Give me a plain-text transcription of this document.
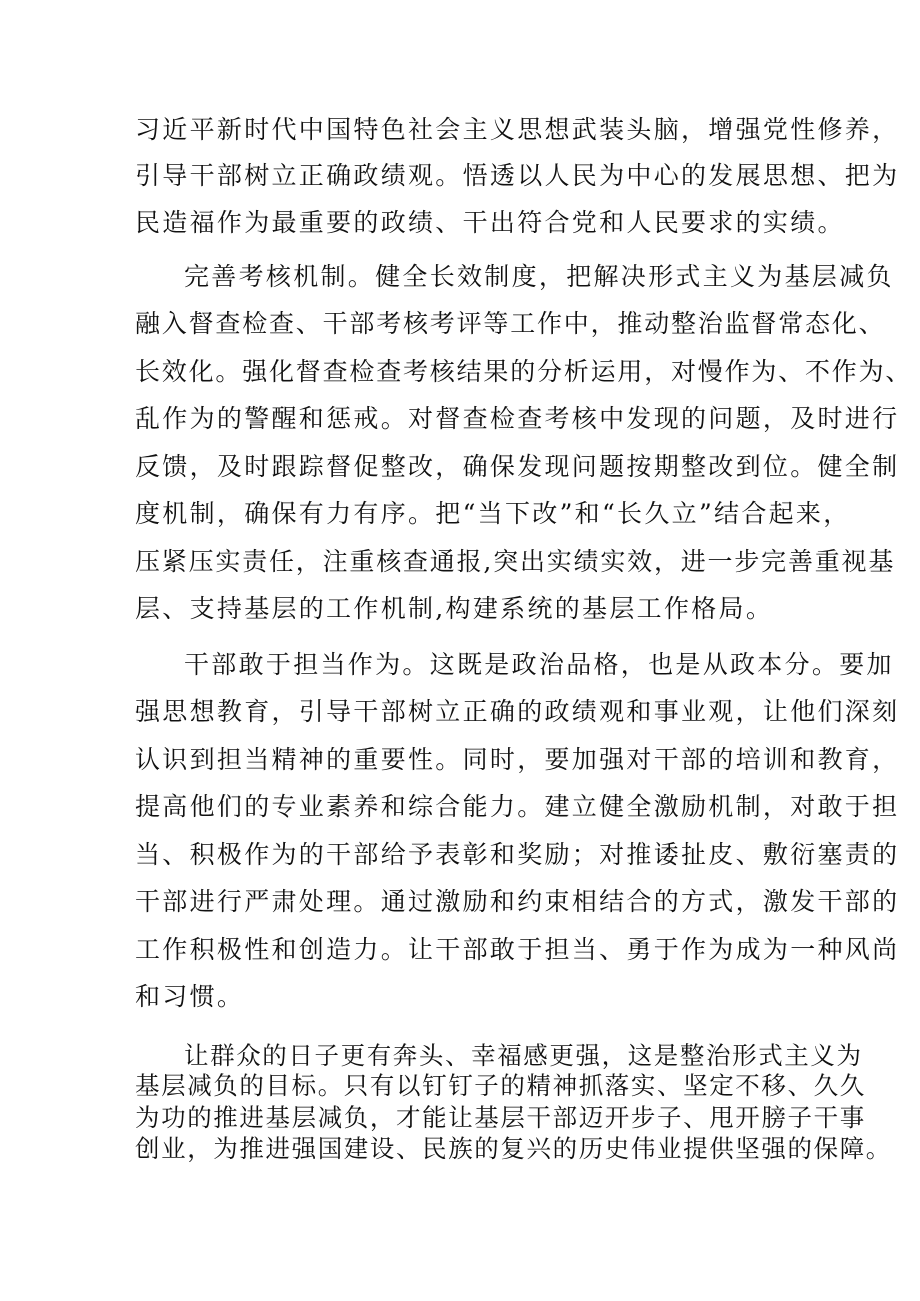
习近平新时代中国特色社会主义思想武装头脑，增强党性修养，

引导干部树立正确政绩观。悟透以人民为中心的发展思想、把为

民造福作为最重要的政绩、干出符合党和人民要求的实绩。

完善考核机制。健全长效制度，把解决形式主义为基层减负

融入督查检查、干部考核考评等工作中，推动整治监督常态化、

长效化。强化督查检查考核结果的分析运用，对慢作为、不作为、

乱作为的警醒和惩戒。对督查检查考核中发现的问题，及时进行

反馈，及时跟踪督促整改，确保发现问题按期整改到位。健全制

度机制，确保有力有序。把“当下改”和“长久立”结合起来，

压紧压实责任，注重核查通报,突出实绩实效，进一步完善重视基

层、支持基层的工作机制,构建系统的基层工作格局。

干部敢于担当作为。这既是政治品格，也是从政本分。要加

强思想教育，引导干部树立正确的政绩观和事业观，让他们深刻

认识到担当精神的重要性。同时，要加强对干部的培训和教育，

提高他们的专业素养和综合能力。建立健全激励机制，对敢于担

当、积极作为的干部给予表彰和奖励；对推诿扯皮、敷衍塞责的

干部进行严肃处理。通过激励和约束相结合的方式，激发干部的

工作积极性和创造力。让干部敢于担当、勇于作为成为一种风尚

和习惯。

让群众的日子更有奔头、幸福感更强，这是整治形式主义为

基层减负的目标。只有以钉钉子的精神抓落实、坚定不移、久久

为功的推进基层减负，才能让基层干部迈开步子、甩开膀子干事

创业，为推进强国建设、民族的复兴的历史伟业提供坚强的保障。
